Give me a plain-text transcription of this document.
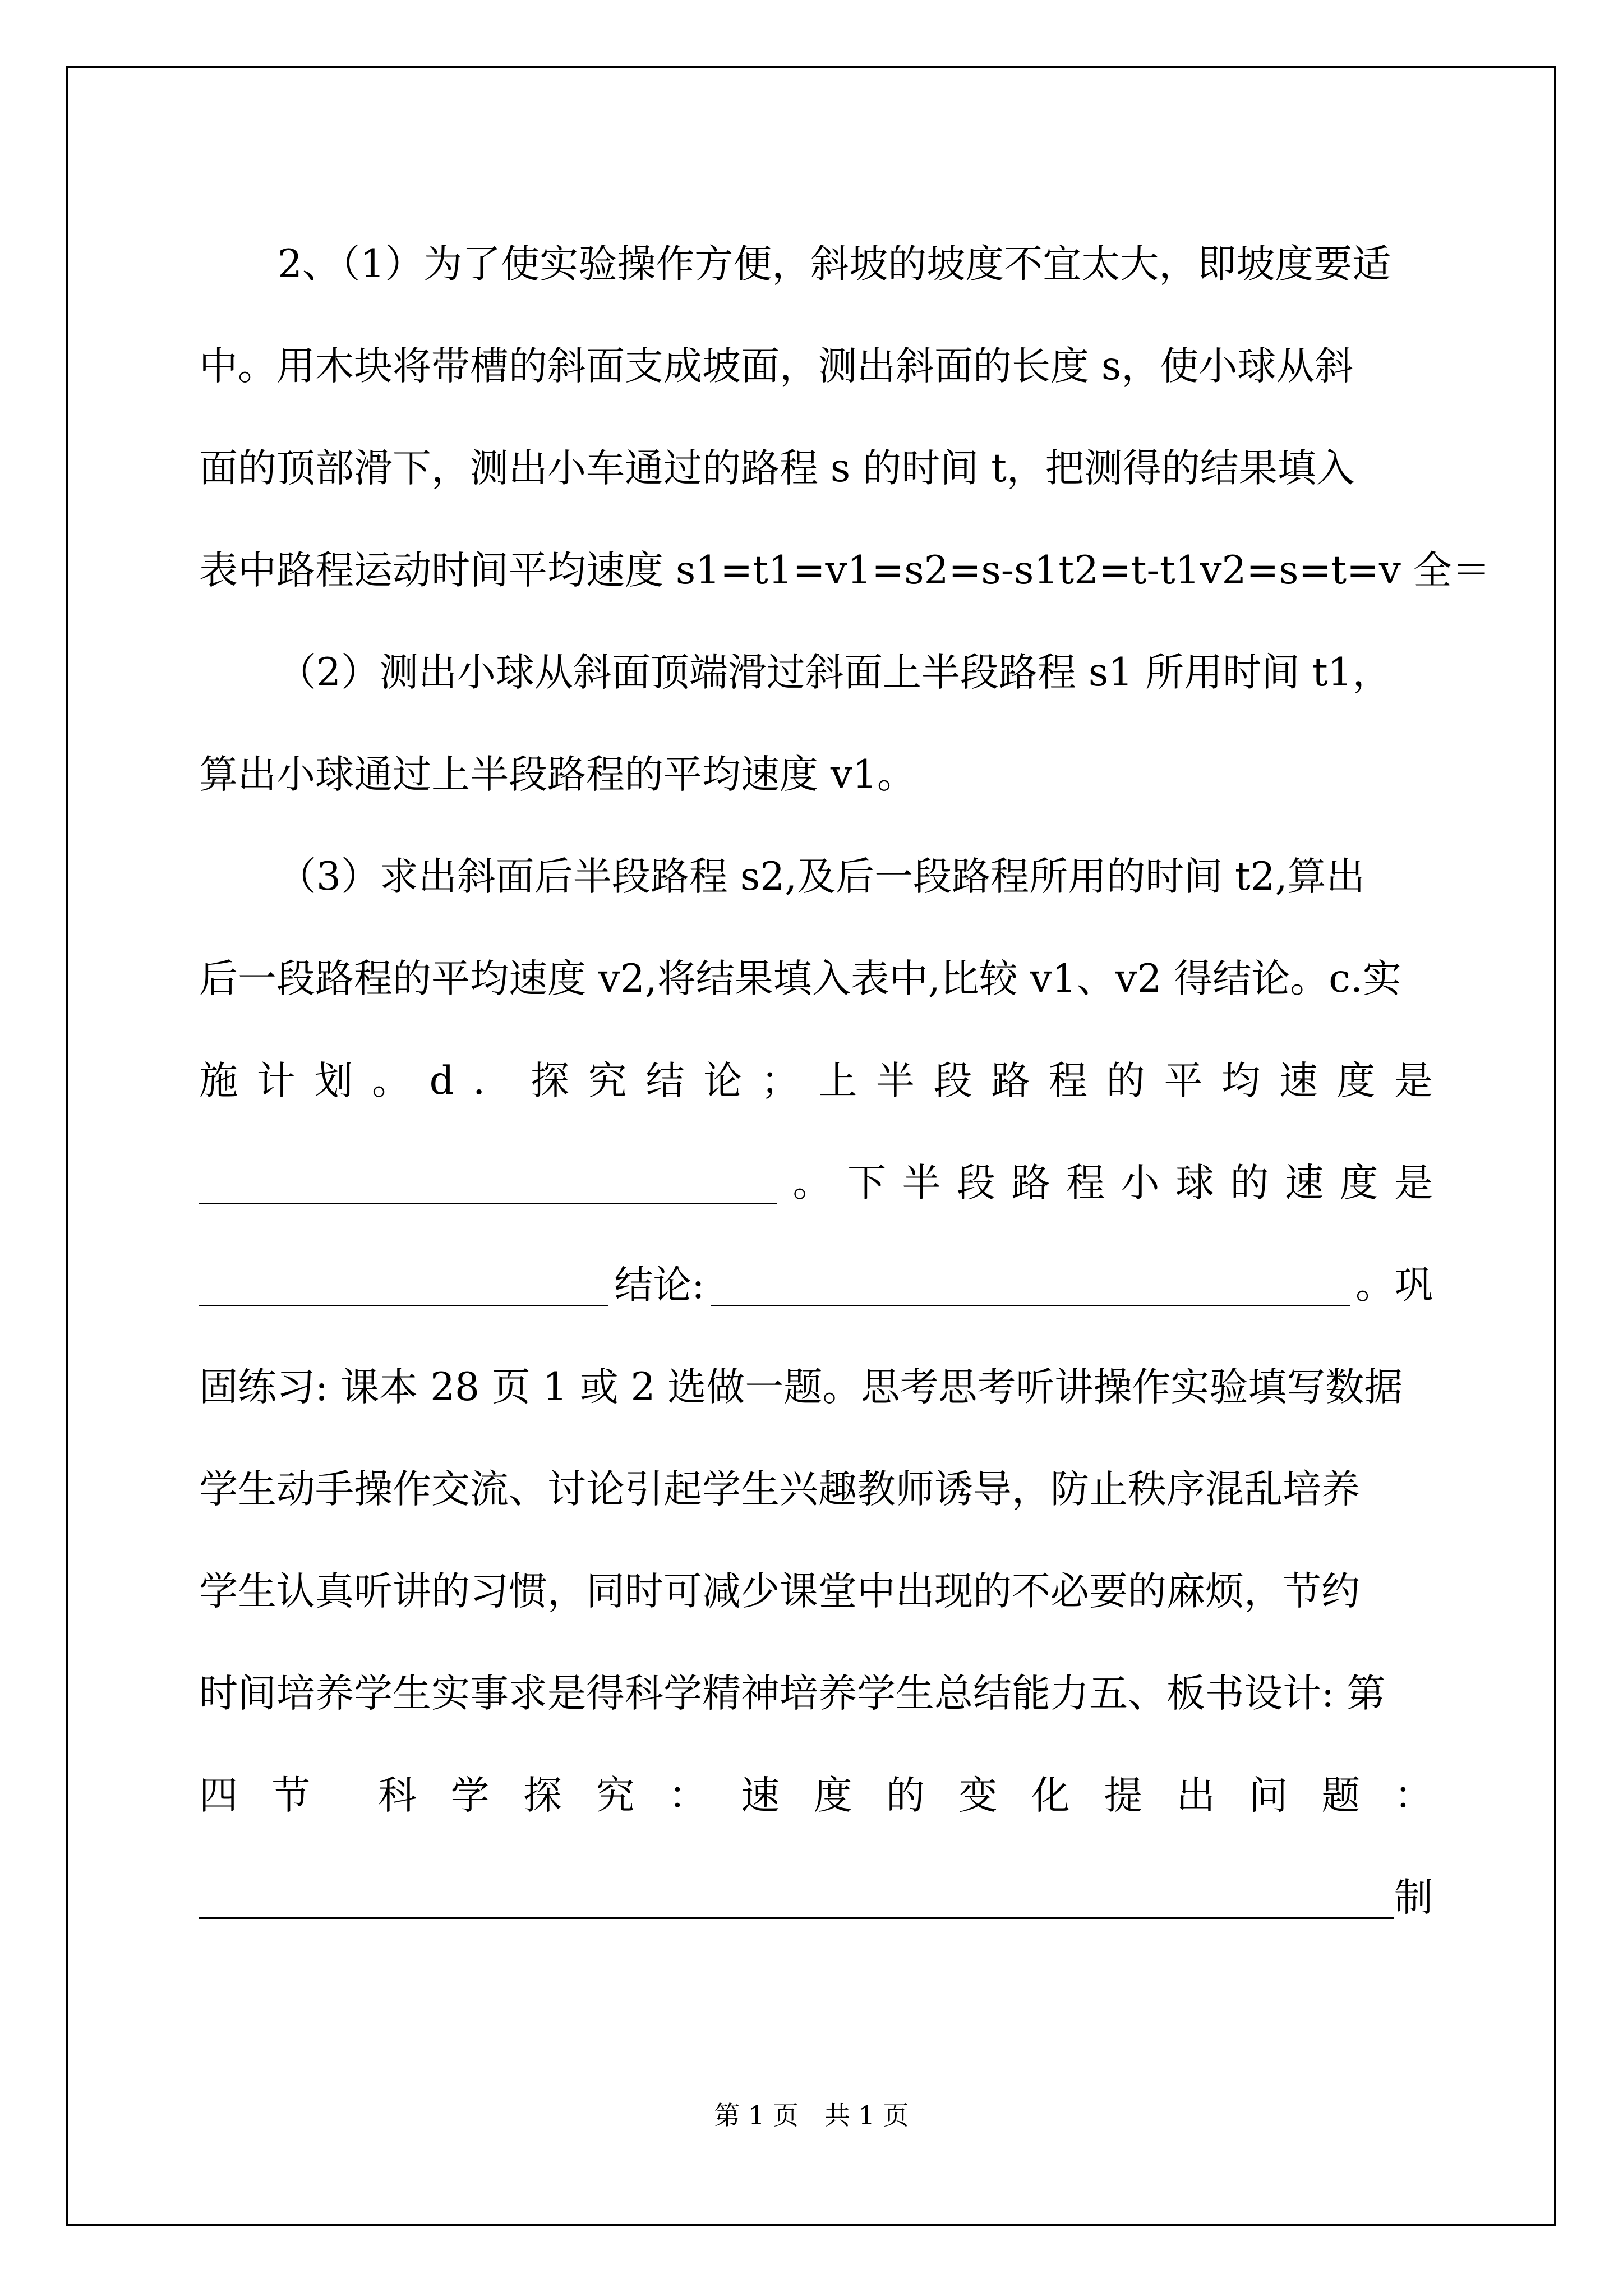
2、（1）为了使实验操作方便，斜坡的坡度不宜太大，即坡度要适
中。用木块将带槽的斜面支成坡面，测出斜面的长度 s，使小球从斜
面的顶部滑下，测出小车通过的路程 s 的时间 t，把测得的结果填入
表中路程运动时间平均速度 s1=t1=v1=s2=s-s1t2=t-t1v2=s=t=v 全＝
（2）测出小球从斜面顶端滑过斜面上半段路程 s1 所用时间 t1，
算出小球通过上半段路程的平均速度 v1。
（3）求出斜面后半段路程 s2,及后一段路程所用的时间 t2,算出
后一段路程的平均速度 v2,将结果填入表中,比较 v1、v2 得结论。c.实
施 计 划 。 d ． 探 究 结 论 ； 上 半 段 路 程 的 平 均 速 度 是
。 下 半 段 路 程 小 球 的 速 度 是
结论:	。巩
固练习: 课本 28 页 1 或 2 选做一题。思考思考听讲操作实验填写数据
学生动手操作交流、讨论引起学生兴趣教师诱导，防止秩序混乱培养
学生认真听讲的习惯，同时可减少课堂中出现的不必要的麻烦，节约
时间培养学生实事求是得科学精神培养学生总结能力五、板书设计: 第
四 节 科 学 探 究 ： 速 度 的 变 化 提 出 问 题 ：
制
第 1 页　共 1 页
